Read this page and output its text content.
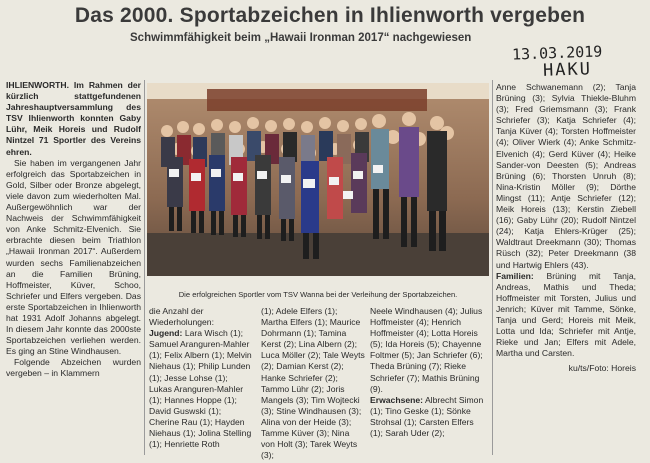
Das 2000. Sportabzeichen in Ihlienworth vergeben
Schwimmfähigkeit beim „Hawaii Ironman 2017“ nachgewiesen
13.03.2019
HAKU

IHLIENWORTH. Im Rahmen der kürzlich stattgefundenen Jahreshauptversammlung des TSV Ihlienworth konnten Gaby Lühr, Meik Horeis und Rudolf Nintzel 71 Sportler des Vereins ehren.

Sie haben im vergangenen Jahr erfolgreich das Sportabzeichen in Gold, Silber oder Bronze abgelegt, viele davon zum wiederholten Mal. Außergewöhnlich war der Nachweis der Schwimmfähigkeit von Anke Schmitz-Elvenich. Sie erbrachte diesen beim Triathlon „Hawaii Ironman 2017“. Außerdem wurden sechs Familienabzeichen an die Familien Brüning, Hoffmeister, Küver, Schoo, Schriefer und Elfers vergeben. Das erste Sportabzeichen in Ihlienworth hat 1931 Adolf Johanns abgelegt. In diesem Jahr konnte das 2000ste Sportabzeichen verliehen werden. Es ging an Stine Windhausen.

Folgende Abzeichen wurden vergeben – in Klammern

Die erfolgreichen Sportler vom TSV Wanna bei der Verleihung der Sportabzeichen.

die Anzahl der Wiederholungen:

Jugend: Lara Wisch (1); Samuel Aranguren-Mahler (1); Felix Albern (1); Melvin Niehaus (1); Philip Lunden (1); Jesse Lohse (1); Lukas Aranguren-Mahler (1); Hannes Hoppe (1); David Guswski (1); Cherine Rau (1); Hayden Niehaus (1); Jolina Stelling (1); Henriette Roth

(1); Adele Elfers (1); Martha Elfers (1); Maurice Dohrmann (1); Tamina Kerst (2); Lina Albern (2); Luca Möller (2); Tale Weyts (2); Damian Kerst (2); Hanke Schriefer (2); Tammo Lühr (2); Joris Mangels (3); Tim Wojtecki (3); Stine Windhausen (3); Alina von der Heide (3); Tamme Küver (3); Nina von Holt (3); Tarek Weyts (3);

Neele Windhausen (4); Julius Hoffmeister (4); Henrich Hoffmeister (4); Lotta Horeis (5); Ida Horeis (5); Chayenne Foltmer (5); Jan Schriefer (6); Theda Brüning (7); Rieke Schriefer (7); Mathis Brüning (9).

Erwachsene: Albrecht Simon (1); Tino Geske (1); Sönke Strohsal (1); Carsten Elfers (1); Sarah Uder (2);

Anne Schwanemann (2); Tanja Brüning (3); Sylvia Thiekle-Bluhm (3); Fred Griemsmann (3); Frank Schriefer (3); Katja Schriefer (4); Tanja Küver (4); Torsten Hoffmeister (4); Oliver Wierk (4); Anke Schmitz-Elvenich (4); Gerd Küver (4); Heike Sander-von Deesten (5); Andreas Brüning (6); Thorsten Unruh (8); Nina-Kristin Möller (9); Dörthe Mingst (11); Antje Schriefer (12); Meik Horeis (13); Kerstin Ziebell (16); Gaby Lühr (20); Rudolf Nintzel (24); Katja Ehlers-Krüger (25); Waldtraut Dreekmann (30); Thomas Rüsch (32); Peter Dreekmann (38 und Hartwig Ehlers (43).

Familien: Brüning mit Tanja, Andreas, Mathis und Theda; Hoffmeister mit Torsten, Julius und Jenrich; Küver mit Tamme, Sönke, Tanja und Gerd; Horeis mit Meik, Lotta und Ida; Schriefer mit Antje, Rieke und Jan; Elfers mit Adele, Martha und Carsten.

ku/ts/Foto: Horeis
